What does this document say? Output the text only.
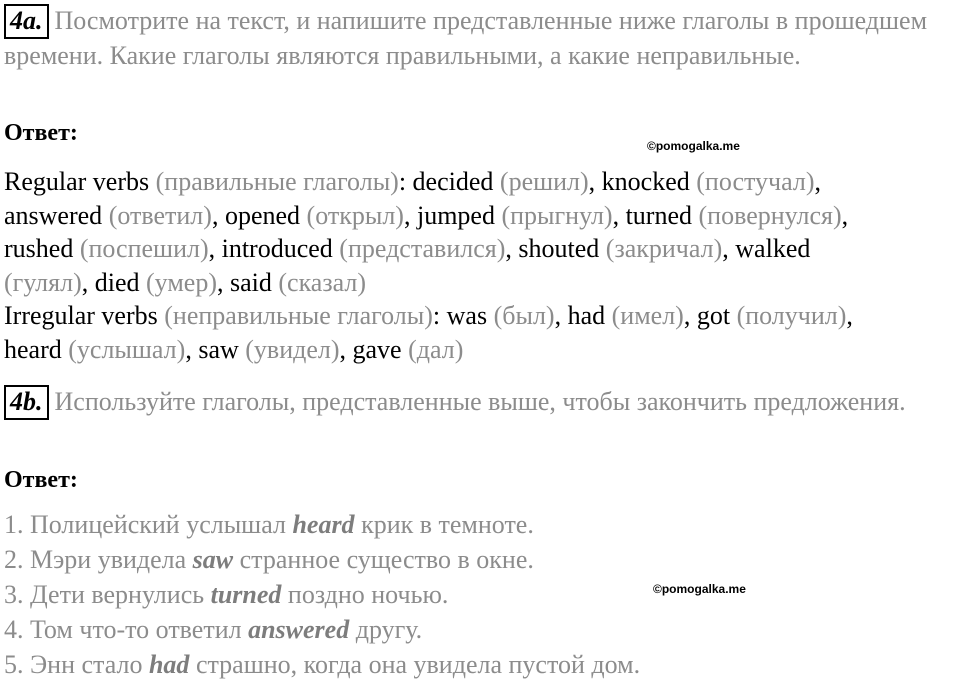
4a. Посмотрите на текст, и напишите представленные ниже глаголы в прошедшем времени. Какие глаголы являются правильными, а какие неправильные.
Ответ:	©pomogalka.me
Regular verbs (правильные глаголы): decided (решил), knocked (постучал),
answered (ответил), opened (открыл), jumped (прыгнул), turned (повернулся),
rushed (поспешил), introduced (представился), shouted (закричал), walked
(гулял), died (умер), said (сказал)
Irregular verbs (неправильные глаголы): was (был), had (имел), got (получил),
heard (услышал), saw (увидел), gave (дал)
4b. Используйте глаголы, представленные выше, чтобы закончить предложения.
Ответ:
©pomogalka.me
1. Полицейский услышал heard крик в темноте.
2. Мэри увидела saw странное существо в окне.
3. Дети вернулись turned поздно ночью.
4. Том что-то ответил answered другу.
5. Энн стало had страшно, когда она увидела пустой дом.
